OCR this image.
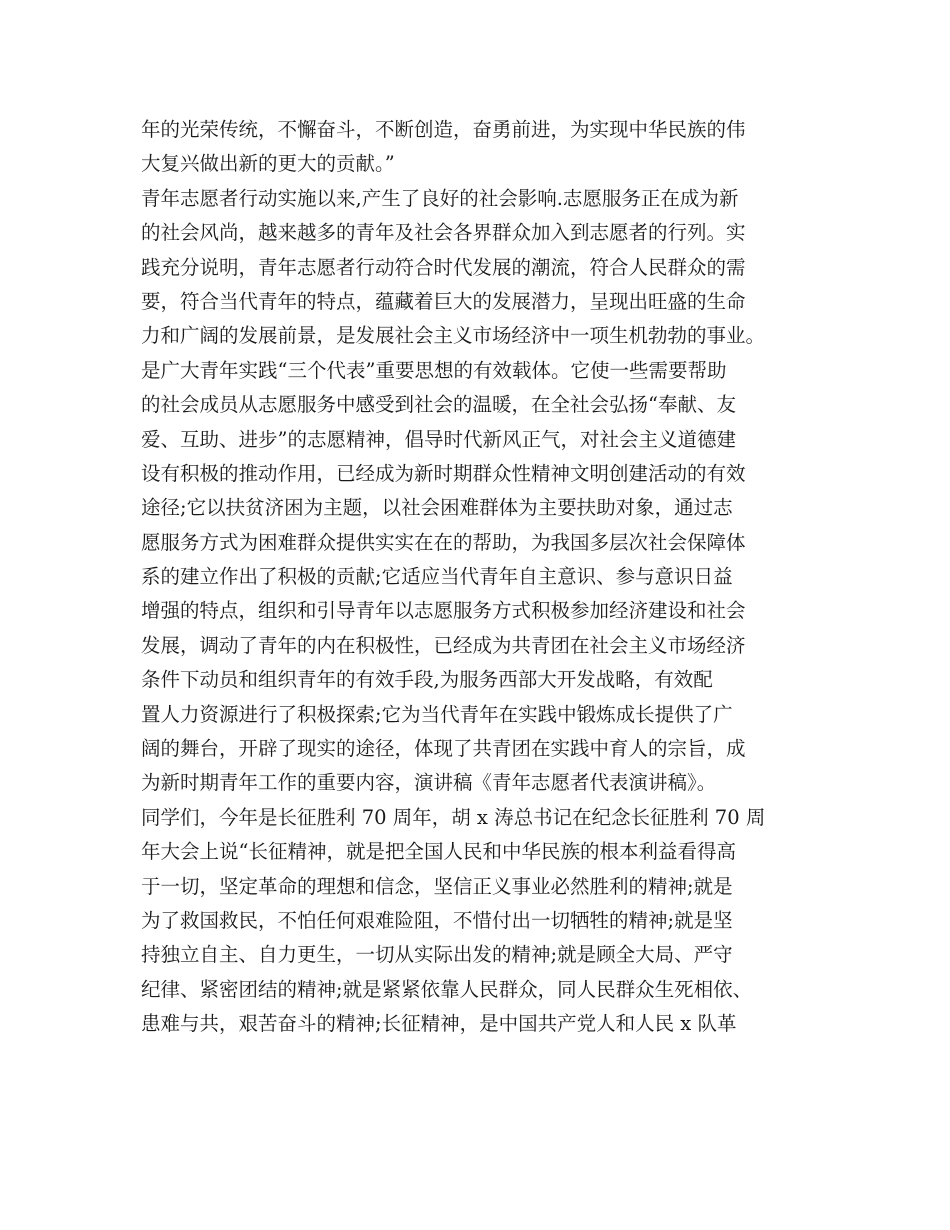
年的光荣传统，不懈奋斗，不断创造，奋勇前进，为实现中华民族的伟
大复兴做出新的更大的贡献。”
青年志愿者行动实施以来,产生了良好的社会影响.志愿服务正在成为新
的社会风尚，越来越多的青年及社会各界群众加入到志愿者的行列。实
践充分说明，青年志愿者行动符合时代发展的潮流，符合人民群众的需
要，符合当代青年的特点，蕴藏着巨大的发展潜力，呈现出旺盛的生命
力和广阔的发展前景，是发展社会主义市场经济中一项生机勃勃的事业。
是广大青年实践“三个代表”重要思想的有效载体。它使一些需要帮助
的社会成员从志愿服务中感受到社会的温暖，在全社会弘扬“奉献、友
爱、互助、进步”的志愿精神，倡导时代新风正气，对社会主义道德建
设有积极的推动作用，已经成为新时期群众性精神文明创建活动的有效
途径;它以扶贫济困为主题，以社会困难群体为主要扶助对象，通过志
愿服务方式为困难群众提供实实在在的帮助，为我国多层次社会保障体
系的建立作出了积极的贡献;它适应当代青年自主意识、参与意识日益
增强的特点，组织和引导青年以志愿服务方式积极参加经济建设和社会
发展，调动了青年的内在积极性，已经成为共青团在社会主义市场经济
条件下动员和组织青年的有效手段,为服务西部大开发战略，有效配
置人力资源进行了积极探索;它为当代青年在实践中锻炼成长提供了广
阔的舞台，开辟了现实的途径，体现了共青团在实践中育人的宗旨，成
为新时期青年工作的重要内容，演讲稿《青年志愿者代表演讲稿》。
同学们，今年是长征胜利 70 周年，胡 x 涛总书记在纪念长征胜利 70 周
年大会上说“长征精神，就是把全国人民和中华民族的根本利益看得高
于一切，坚定革命的理想和信念，坚信正义事业必然胜利的精神;就是
为了救国救民，不怕任何艰难险阻，不惜付出一切牺牲的精神;就是坚
持独立自主、自力更生，一切从实际出发的精神;就是顾全大局、严守
纪律、紧密团结的精神;就是紧紧依靠人民群众，同人民群众生死相依、
患难与共，艰苦奋斗的精神;长征精神，是中国共产党人和人民 x 队革
